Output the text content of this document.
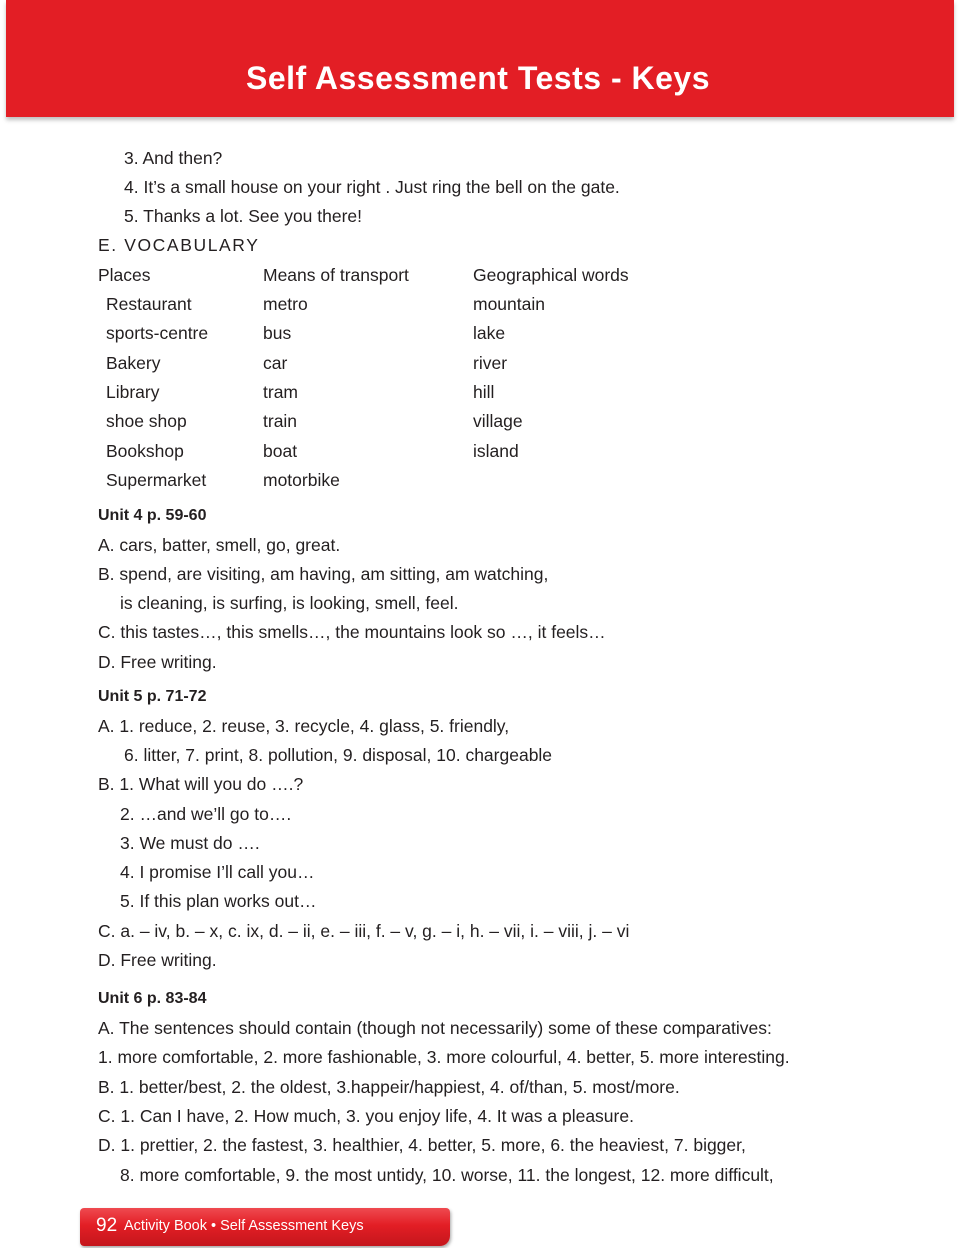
Self Assessment Tests - Keys
3. And then?
4. It’s a small house on your right . Just ring the bell on the gate.
5. Thanks a lot. See you there!
E. VOCABULARY
Places	Means of transport	Geographical words
Restaurant	metro	mountain
sports-centre	bus	lake
Bakery	car	river
Library	tram	hill
shoe shop	train	village
Bookshop	boat	island
Supermarket	motorbike
Unit 4 p. 59-60
A. cars, batter, smell, go, great.
B. spend, are visiting, am having, am sitting, am watching,
is cleaning, is surfing, is looking, smell, feel.
C. this tastes…, this smells…, the mountains look so …, it feels…
D. Free writing.
Unit 5 p. 71-72
A. 1. reduce, 2. reuse, 3. recycle, 4. glass, 5. friendly,
6. litter, 7. print, 8. pollution, 9. disposal, 10. chargeable
B. 1. What will you do ….?
2. …and we’ll go to….
3. We must do ….
4. I promise I’ll call you…
5. If this plan works out…
C. a. – iv, b. – x, c. ix, d. – ii, e. – iii, f. – v, g. – i, h. – vii, i. – viii, j. – vi
D. Free writing.
Unit 6 p. 83-84
A. The sentences should contain (though not necessarily) some of these comparatives:
1. more comfortable, 2. more fashionable, 3. more colourful, 4. better, 5. more interesting.
B. 1. better/best, 2. the oldest, 3.happeir/happiest, 4. of/than, 5. most/more.
C. 1. Can I have, 2. How much, 3. you enjoy life, 4. It was a pleasure.
D. 1. prettier, 2. the fastest, 3. healthier, 4. better, 5. more, 6. the heaviest, 7. bigger,
8. more comfortable, 9. the most untidy, 10. worse, 11. the longest, 12. more difficult,
92 Activity Book • Self Assessment Keys
